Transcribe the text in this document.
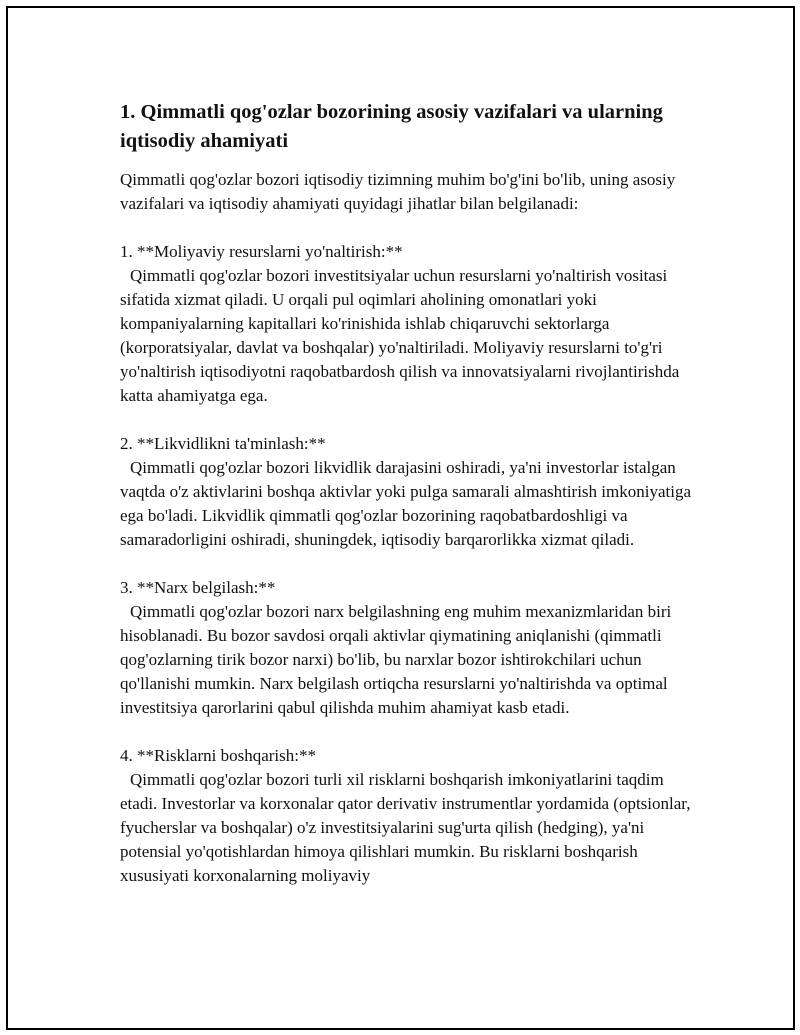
1. Qimmatli qog'ozlar bozorining asosiy vazifalari va ularning
iqtisodiy ahamiyati

Qimmatli qog'ozlar bozori iqtisodiy tizimning muhim bo'g'ini bo'lib, uning asosiy vazifalari va iqtisodiy ahamiyati quyidagi jihatlar bilan belgilanadi:

1. **Moliyaviy resurslarni yo'naltirish:**

Qimmatli qog'ozlar bozori investitsiyalar uchun resurslarni yo'naltirish vositasi sifatida xizmat qiladi. U orqali pul oqimlari aholining omonatlari yoki kompaniyalarning kapitallari ko'rinishida ishlab chiqaruvchi sektorlarga (korporatsiyalar, davlat va boshqalar) yo'naltiriladi. Moliyaviy resurslarni to'g'ri yo'naltirish iqtisodiyotni raqobatbardosh qilish va innovatsiyalarni rivojlantirishda katta ahamiyatga ega.

2. **Likvidlikni ta'minlash:**

Qimmatli qog'ozlar bozori likvidlik darajasini oshiradi, ya'ni investorlar istalgan vaqtda o'z aktivlarini boshqa aktivlar yoki pulga samarali almashtirish imkoniyatiga ega bo'ladi. Likvidlik qimmatli qog'ozlar bozorining raqobatbardoshligi va samaradorligini oshiradi, shuningdek, iqtisodiy barqarorlikka xizmat qiladi.

3. **Narx belgilash:**

Qimmatli qog'ozlar bozori narx belgilashning eng muhim mexanizmlaridan biri hisoblanadi. Bu bozor savdosi orqali aktivlar qiymatining aniqlanishi (qimmatli qog'ozlarning tirik bozor narxi) bo'lib, bu narxlar bozor ishtirokchilari uchun qo'llanishi mumkin. Narx belgilash ortiqcha resurslarni yo'naltirishda va optimal investitsiya qarorlarini qabul qilishda muhim ahamiyat kasb etadi.

4. **Risklarni boshqarish:**

Qimmatli qog'ozlar bozori turli xil risklarni boshqarish imkoniyatlarini taqdim etadi. Investorlar va korxonalar qator derivativ instrumentlar yordamida (optsionlar, fyucherslar va boshqalar) o'z investitsiyalarini sug'urta qilish (hedging), ya'ni potensial yo'qotishlardan himoya qilishlari mumkin. Bu risklarni boshqarish xususiyati korxonalarning moliyaviy
